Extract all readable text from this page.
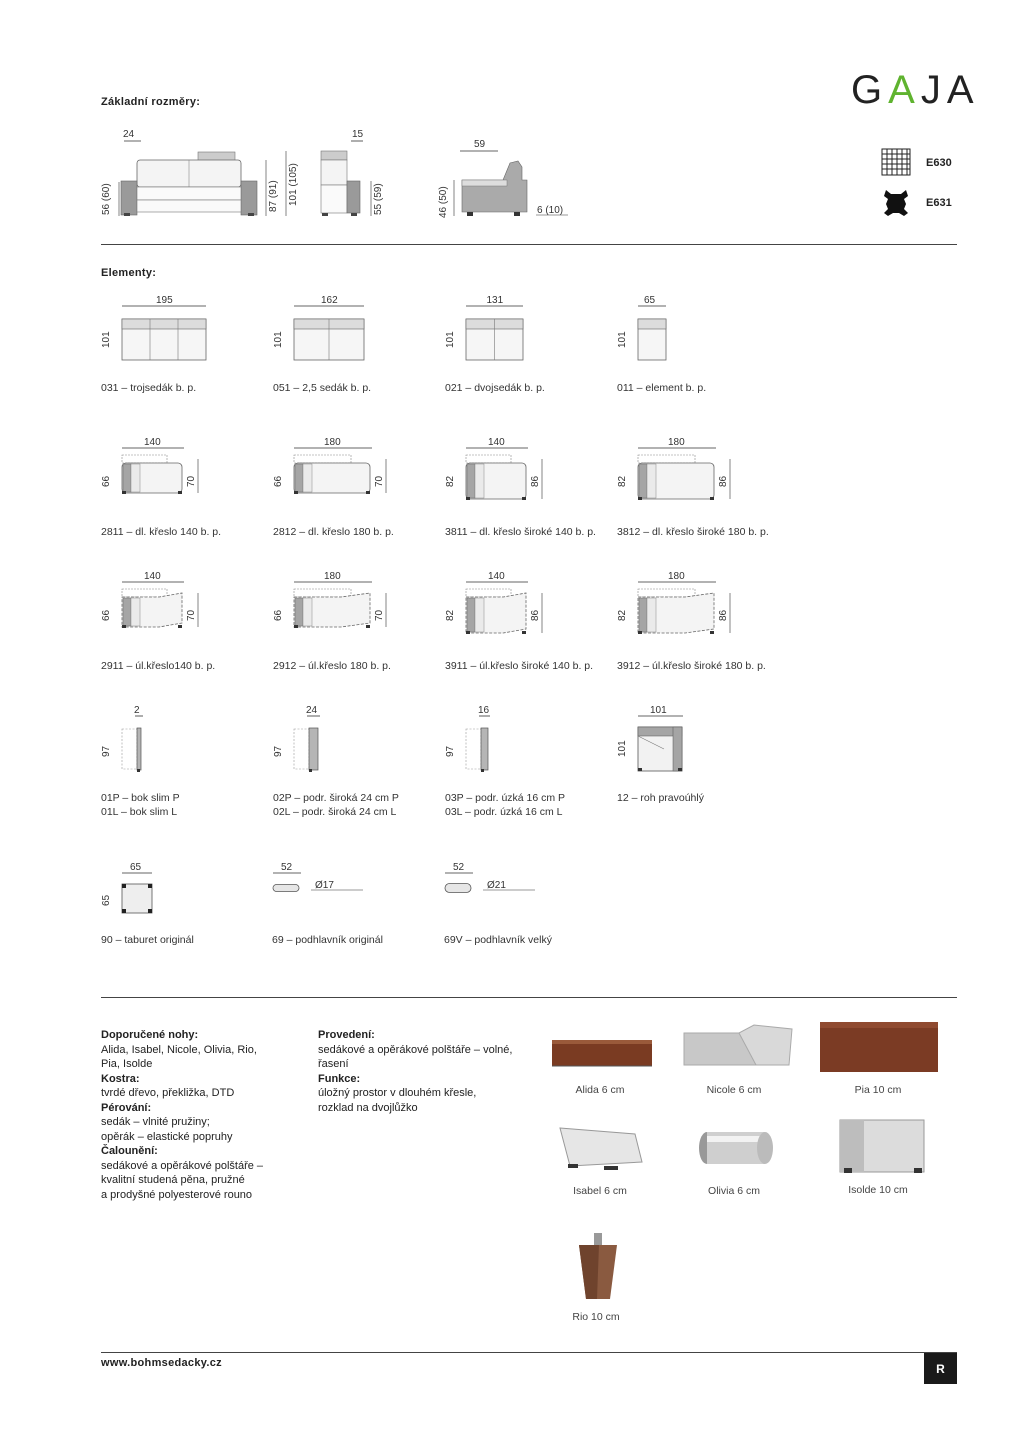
Základní rozměry:	GAJA
24
56 (60)	87 (91) 101 (105)
15
55 (59)
59
46 (50)	6 (10)
E630
E631
Elementy:
195
101
031 – trojsedák b. p.
162
101
051 – 2,5 sedák b. p.
131
101
021 – dvojsedák b. p.
65
101
011 – element b. p.
140
66	70
2811 – dl. křeslo 140 b. p.
180
66	70
2812 – dl. křeslo 180 b. p.
140
82	86
3811 – dl. křeslo široké 140 b. p.
180
82	86
3812 – dl. křeslo široké 180 b. p.
140
66	70
2911 – úl.křeslo140 b. p.
180
66	70
2912 – úl.křeslo 180 b. p.
140
82	86
3911 – úl.křeslo široké 140 b. p.
180
82	86
3912 – úl.křeslo široké 180 b. p.
2
97
01P – bok slim P
01L – bok slim L
24
97
02P – podr. široká 24 cm P
02L – podr. široká 24 cm L
16
97
03P – podr. úzká 16 cm P
03L – podr. úzká 16 cm L
101
101
12 – roh pravoúhlý
65
65
90 – taburet originál
52
Ø17
69 – podhlavník originál
52
Ø21
69V – podhlavník velký
Doporučené nohy:
Alida, Isabel, Nicole, Olivia, Rio,
Pia, Isolde
Kostra:
tvrdé dřevo, překližka, DTD
Pérování:
sedák – vlnité pružiny;
opěrák – elastické popruhy
Čalounění:
sedákové a opěrákové polštáře –
kvalitní studená pěna, pružné
a prodyšné polyesterové rouno
Provedení:
sedákové a opěrákové polštáře – volné,
řasení
Funkce:
úložný prostor v dlouhém křesle,
rozklad na dvojlůžko
Alida 6 cm	Nicole 6 cm	Pia 10 cm
Isabel 6 cm	Olivia 6 cm	Isolde 10 cm
Rio 10 cm
www.bohmsedacky.cz	R
